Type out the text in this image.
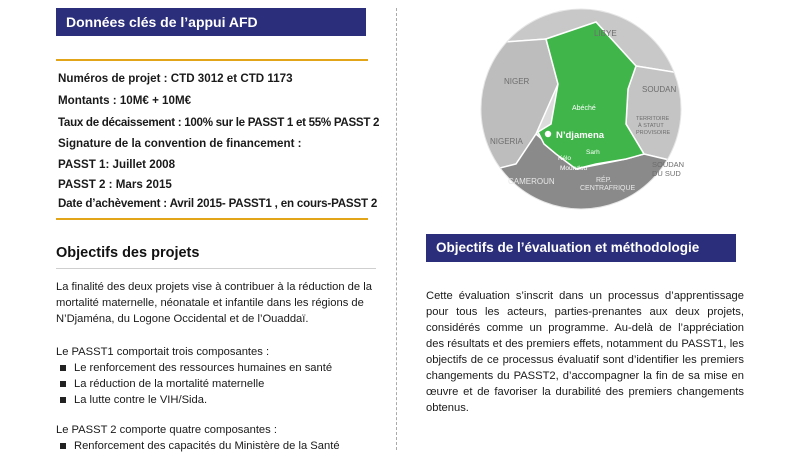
Données clés de l’appui AFD
Numéros de projet : CTD 3012 et CTD 1173
Montants : 10M€ + 10M€
Taux de décaissement : 100% sur le PASST 1 et 55% PASST 2
Signature de la convention de financement :
PASST 1: Juillet 2008
PASST 2 : Mars 2015
Date d’achèvement : Avril 2015- PASST1 , en cours-PASST 2
Objectifs des projets
La finalité des deux projets vise à contribuer à la réduction de la mortalité maternelle, néonatale et infantile dans les régions de N’Djaména, du Logone Occidental et de l’Ouaddaï.
Le PASST1 comportait trois composantes :
Le renforcement des ressources humaines en santé
La réduction de la mortalité maternelle
La lutte contre le VIH/Sida.
Le PASST 2 comporte quatre composantes :
Renforcement des capacités du Ministère de la Santé
LIBYE
NIGER
SOUDAN
NIGERIA
TERRITOIRE
À STATUT
PROVISOIRE
Abéché
N’djamena
Sarh
Kélo
Moundou	SOUDAN
DU SUD
CAMEROUN	RÉP.
CENTRAFRIQUE
Objectifs de l’évaluation et méthodologie
Cette évaluation s’inscrit dans un processus d’apprentissage pour tous les acteurs, parties-prenantes aux deux projets, considérés comme un programme. Au-delà de l’appréciation des résultats et des premiers effets, notamment du PASST1, les objectifs de ce processus évaluatif sont d’identifier les premiers changements du PASST2, d’accompagner la fin de sa mise en œuvre et de favoriser la durabilité des premiers changements obtenus.
